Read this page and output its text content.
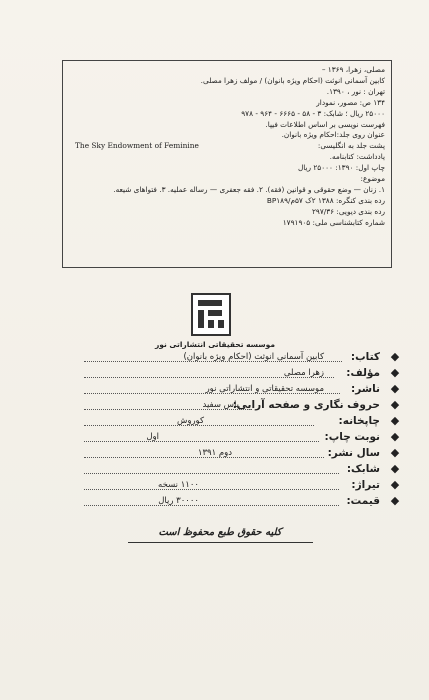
مصلی، زهرا، ۱۳۶۹ –
کابین آسمانی انوثت (احکام ویژه بانوان) / مولف زهرا مصلی.
تهران : نور ، ۱۳۹۰.
۱۳۴ ص: مصور، نمودار
۲۵۰۰۰ ریال ؛ شابک: ۳ - ۵۸ - ۶۶۶۵ - ۹۶۴ - ۹۷۸
فهرست نویسی بر اساس اطلاعات فیپا.
عنوان روی جلد:احکام ویژه بانوان.
پشت جلد به انگلیسی:
The Sky Endowment of Feminine
یادداشت: کتابنامه.
چاپ اول: ۱۳۹۰: ۲۵۰۰۰ ریال
موضوع:
۱. زنان — وضع حقوقی و قوانین (فقه). ۲. فقه جعفری — رساله عملیه. ۳. فتواهای شیعه.
رده بندی کنگره: ۱۳۸۸ ۲ک ۵۷م/BP۱۸۹
رده بندی دیویی: ۲۹۷/۳۶
شماره کتابشناسی ملی: ۱۷۹۱۹۰۵
موسسه تحقیقاتی انتشاراتی نور
◆
کتاب:
کابین آسمانی انوثت (احکام ویژه بانوان)
◆
مؤلف:
زهرا مصلی
◆
ناشر:
موسسه تحقیقاتی و انتشاراتی نور
◆
حروف نگاری و صفحه آرایی:
یاس سفید
◆
چاپخانه:
کوروش
◆
نوبت چاپ:
اول
◆
سال نشر:
دوم ۱۳۹۱
◆
شابک:
◆
تیراژ:
۱۱۰۰ نسخه
◆
قیمت:
۳۰۰۰۰ ریال
کلیه حقوق طبع محفوظ است
